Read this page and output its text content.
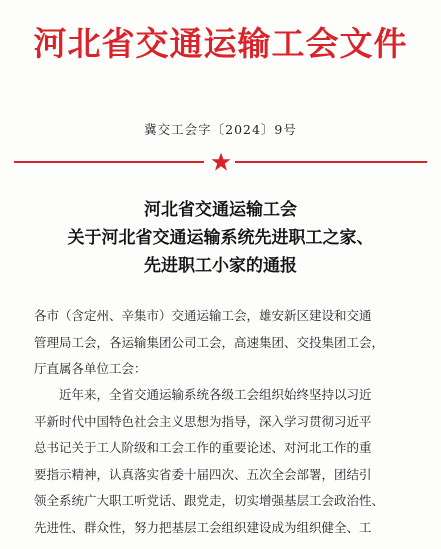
河北省交通运输工会文件
冀交工会字〔2024〕9号
河北省交通运输工会
关于河北省交通运输系统先进职工之家、
先进职工小家的通报
各市（含定州、辛集市）交通运输工会，雄安新区建设和交通
管理局工会，各运输集团公司工会，高速集团、交投集团工会，
厅直属各单位工会：
近年来，全省交通运输系统各级工会组织始终坚持以习近
平新时代中国特色社会主义思想为指导，深入学习贯彻习近平
总书记关于工人阶级和工会工作的重要论述、对河北工作的重
要指示精神，认真落实省委十届四次、五次全会部署，团结引
领全系统广大职工听党话、跟党走，切实增强基层工会政治性、
先进性、群众性，努力把基层工会组织建设成为组织健全、工
